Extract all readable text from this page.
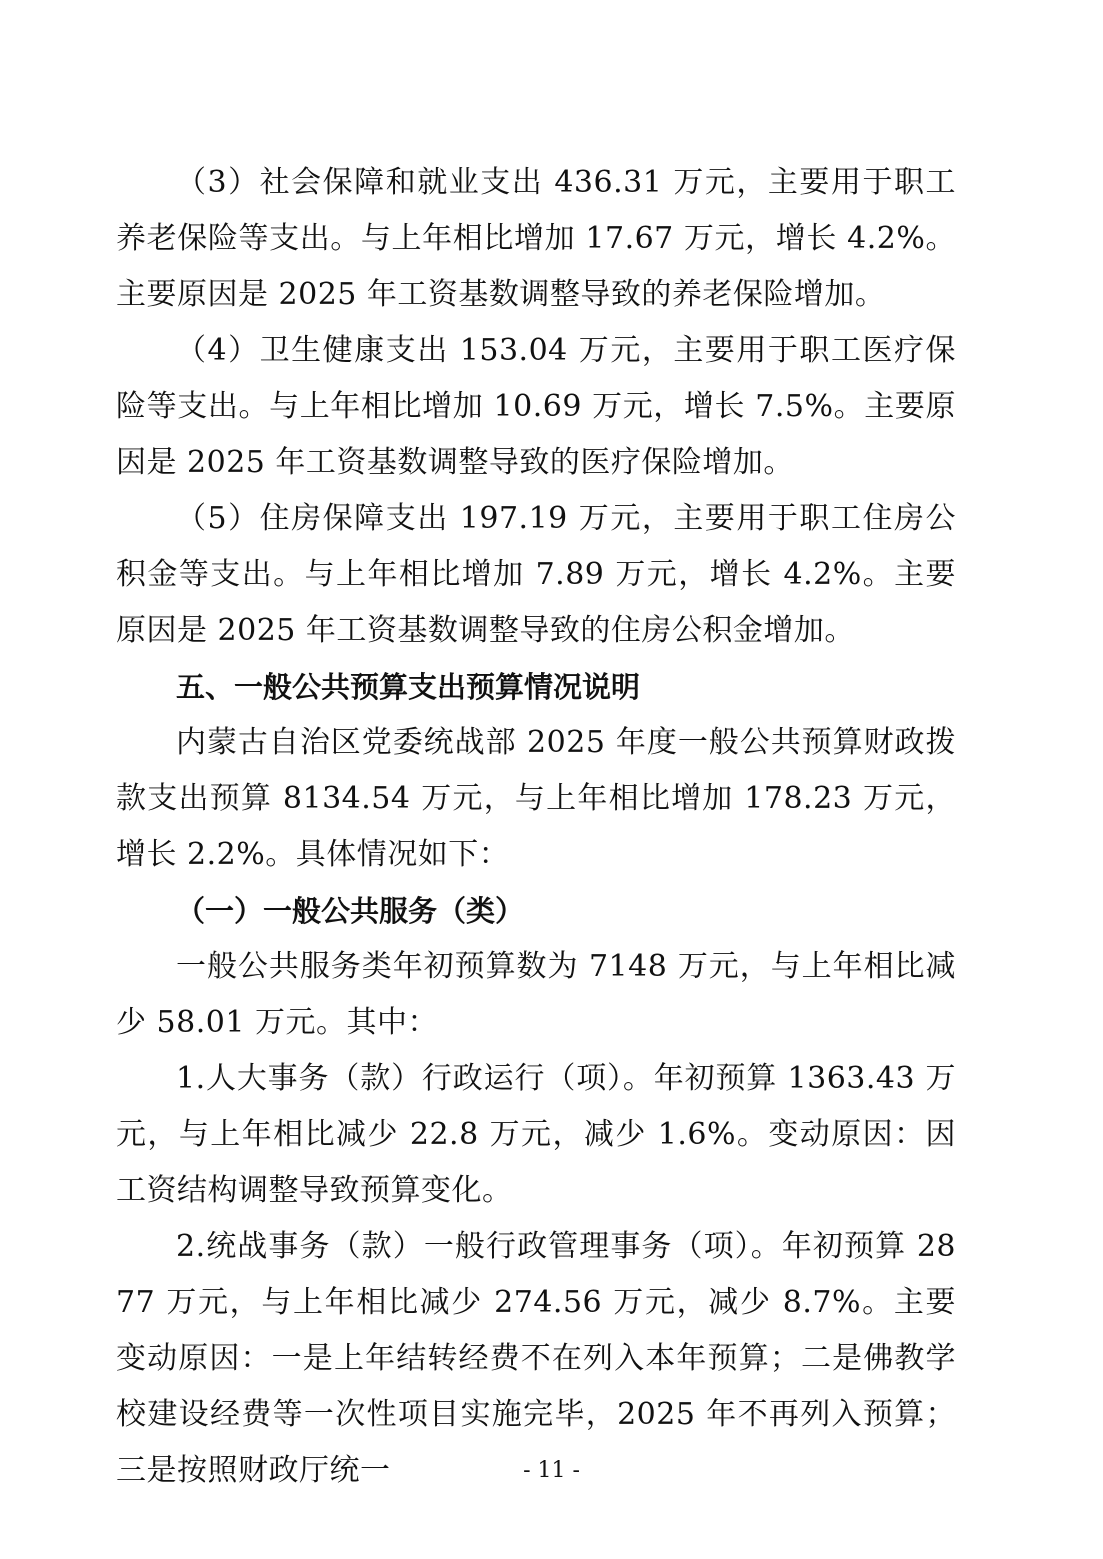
（3）社会保障和就业支出 436.31 万元，主要用于职工养老保险等支出。与上年相比增加 17.67 万元，增长 4.2%。主要原因是 2025 年工资基数调整导致的养老保险增加。

（4）卫生健康支出 153.04 万元，主要用于职工医疗保险等支出。与上年相比增加 10.69 万元，增长 7.5%。主要原因是 2025 年工资基数调整导致的医疗保险增加。

（5）住房保障支出 197.19 万元，主要用于职工住房公积金等支出。与上年相比增加 7.89 万元，增长 4.2%。主要原因是 2025 年工资基数调整导致的住房公积金增加。

五、一般公共预算支出预算情况说明

内蒙古自治区党委统战部 2025 年度一般公共预算财政拨款支出预算 8134.54 万元，与上年相比增加 178.23 万元，增长 2.2%。具体情况如下：

（一）一般公共服务（类）

一般公共服务类年初预算数为 7148 万元，与上年相比减少 58.01 万元。其中：

1.人大事务（款）行政运行（项）。年初预算 1363.43 万元，与上年相比减少 22.8 万元，减少 1.6%。变动原因：因工资结构调整导致预算变化。

2.统战事务（款）一般行政管理事务（项）。年初预算 2877 万元，与上年相比减少 274.56 万元，减少 8.7%。主要变动原因：一是上年结转经费不在列入本年预算；二是佛教学校建设经费等一次性项目实施完毕，2025 年不再列入预算；三是按照财政厅统一	- 11 -
